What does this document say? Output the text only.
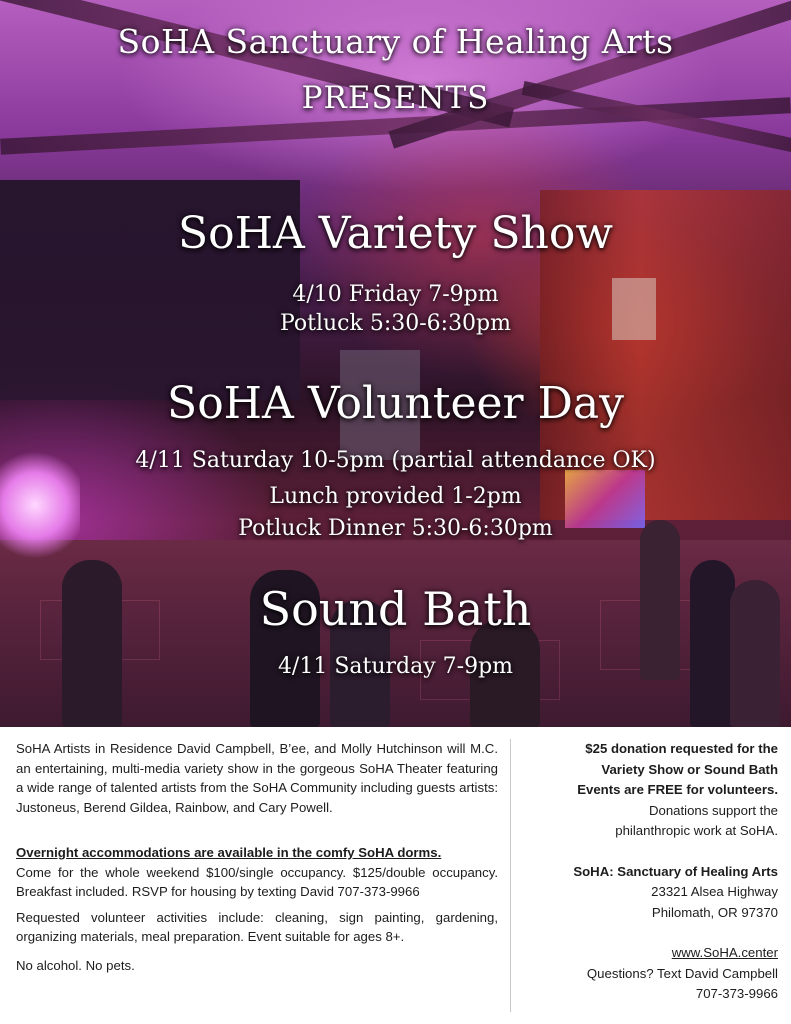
SoHA Sanctuary of Healing Arts
PRESENTS
SoHA Variety Show
4/10 Friday 7-9pm
Potluck 5:30-6:30pm
SoHA Volunteer Day
4/11 Saturday 10-5pm (partial attendance OK)
Lunch provided 1-2pm
Potluck Dinner 5:30-6:30pm
Sound Bath
4/11 Saturday 7-9pm

SoHA Artists in Residence David Campbell, B’ee, and Molly Hutchinson will M.C. an entertaining, multi-media variety show in the gorgeous SoHA Theater featuring a wide range of talented artists from the SoHA Community including guests artists: Justoneus, Berend Gildea, Rainbow, and Cary Powell.

Overnight accommodations are available in the comfy SoHA dorms.

Come for the whole weekend $100/single occupancy. $125/double occupancy. Breakfast included. RSVP for housing by texting David 707-373-9966

Requested volunteer activities include: cleaning, sign painting, gardening, organizing materials, meal preparation. Event suitable for ages 8+.

No alcohol. No pets.

$25 donation requested for the
Variety Show or Sound Bath
Events are FREE for volunteers.
Donations support the
philanthropic work at SoHA.
SoHA: Sanctuary of Healing Arts
23321 Alsea Highway
Philomath, OR 97370
www.SoHA.center
Questions? Text David Campbell
707-373-9966
